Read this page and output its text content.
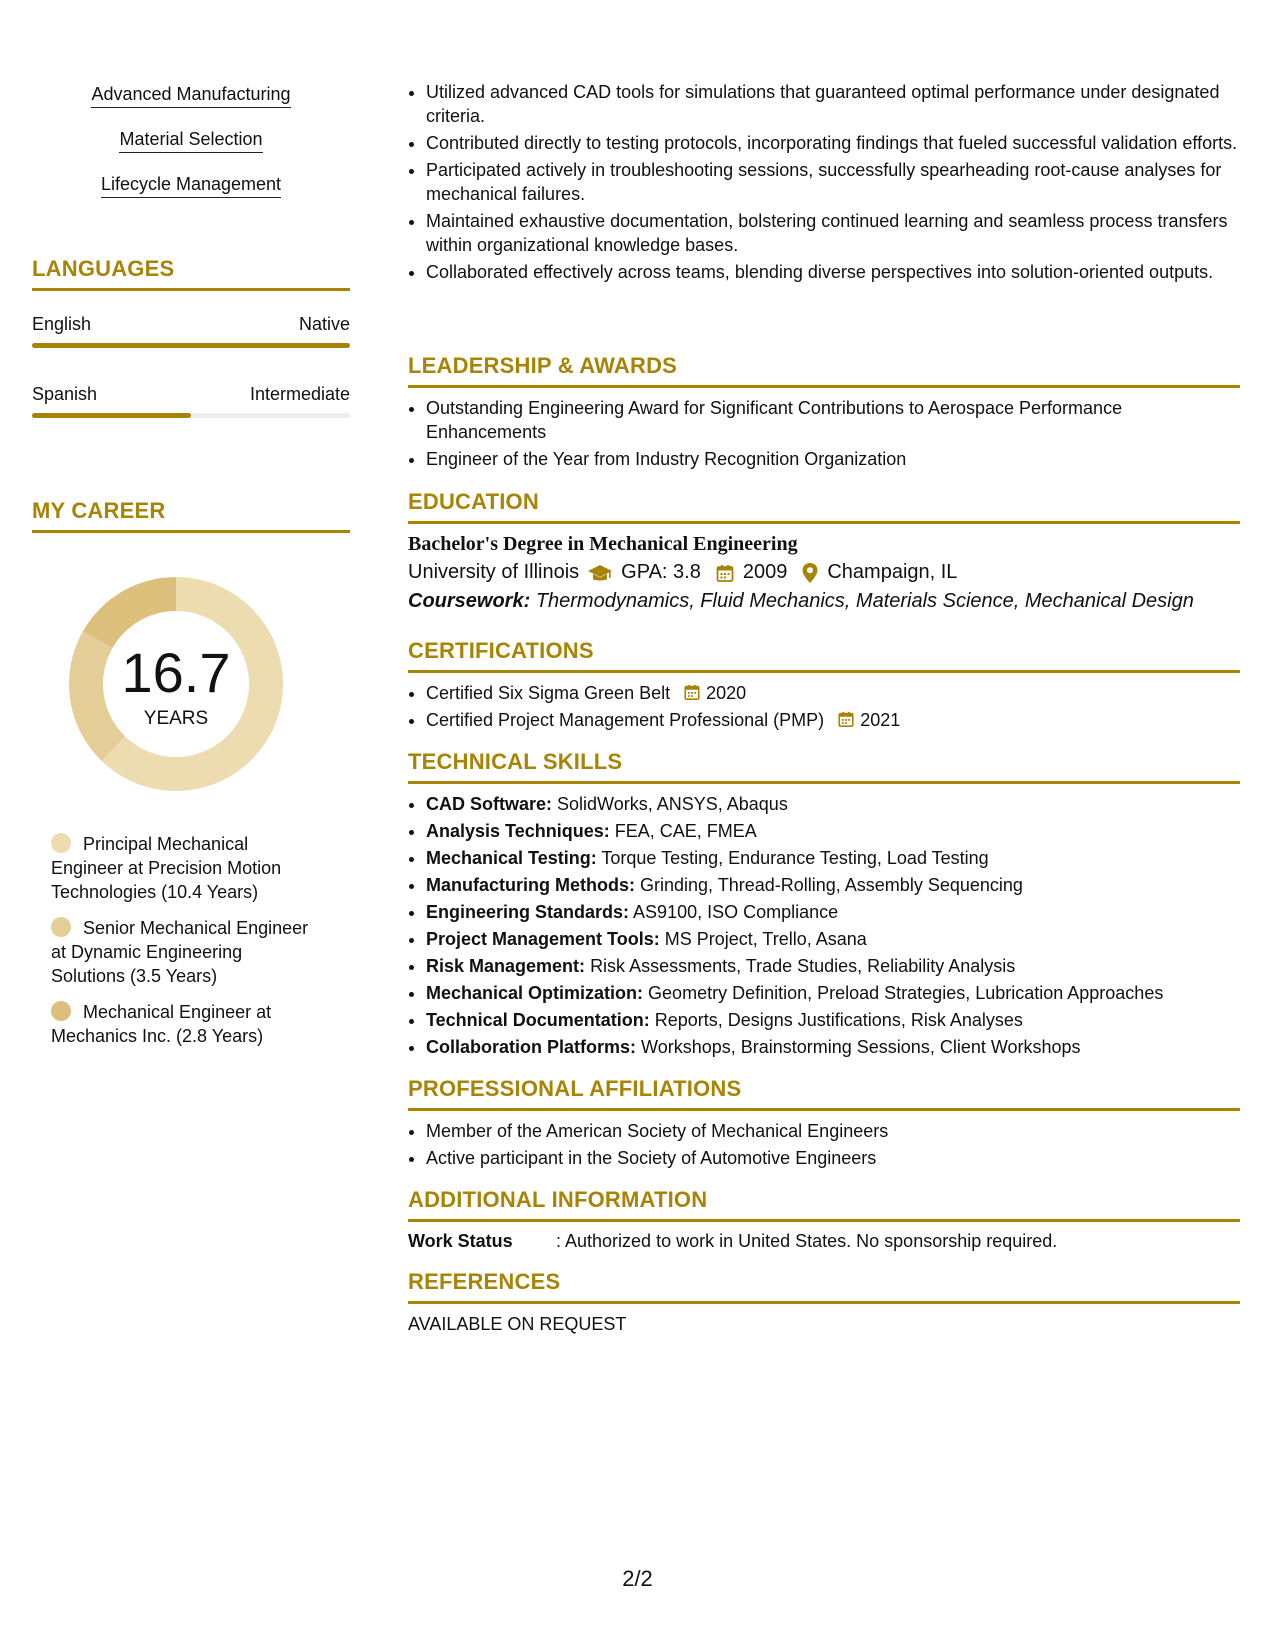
Advanced Manufacturing
Material Selection
Lifecycle Management
LANGUAGES
English	Native
Spanish	Intermediate
MY CAREER
16.7
YEARS
Principal Mechanical Engineer at Precision Motion Technologies (10.4 Years)
Senior Mechanical Engineer at Dynamic Engineering Solutions (3.5 Years)
Mechanical Engineer at Mechanics Inc. (2.8 Years)
• Utilized advanced CAD tools for simulations that guaranteed optimal performance under designated criteria.
• Contributed directly to testing protocols, incorporating findings that fueled successful validation efforts.
• Participated actively in troubleshooting sessions, successfully spearheading root-cause analyses for mechanical failures.
• Maintained exhaustive documentation, bolstering continued learning and seamless process transfers within organizational knowledge bases.
• Collaborated effectively across teams, blending diverse perspectives into solution-oriented outputs.
LEADERSHIP & AWARDS
• Outstanding Engineering Award for Significant Contributions to Aerospace Performance Enhancements
• Engineer of the Year from Industry Recognition Organization
EDUCATION
Bachelor's Degree in Mechanical Engineering
University of Illinois GPA: 3.8 2009 Champaign, IL
Coursework: Thermodynamics, Fluid Mechanics, Materials Science, Mechanical Design
CERTIFICATIONS
• Certified Six Sigma Green Belt 2020
• Certified Project Management Professional (PMP) 2021
TECHNICAL SKILLS
• CAD Software: SolidWorks, ANSYS, Abaqus
• Analysis Techniques: FEA, CAE, FMEA
• Mechanical Testing: Torque Testing, Endurance Testing, Load Testing
• Manufacturing Methods: Grinding, Thread-Rolling, Assembly Sequencing
• Engineering Standards: AS9100, ISO Compliance
• Project Management Tools: MS Project, Trello, Asana
• Risk Management: Risk Assessments, Trade Studies, Reliability Analysis
• Mechanical Optimization: Geometry Definition, Preload Strategies, Lubrication Approaches
• Technical Documentation: Reports, Designs Justifications, Risk Analyses
• Collaboration Platforms: Workshops, Brainstorming Sessions, Client Workshops
PROFESSIONAL AFFILIATIONS
• Member of the American Society of Mechanical Engineers
• Active participant in the Society of Automotive Engineers
ADDITIONAL INFORMATION
Work Status	: Authorized to work in United States. No sponsorship required.
REFERENCES
AVAILABLE ON REQUEST
2/2
